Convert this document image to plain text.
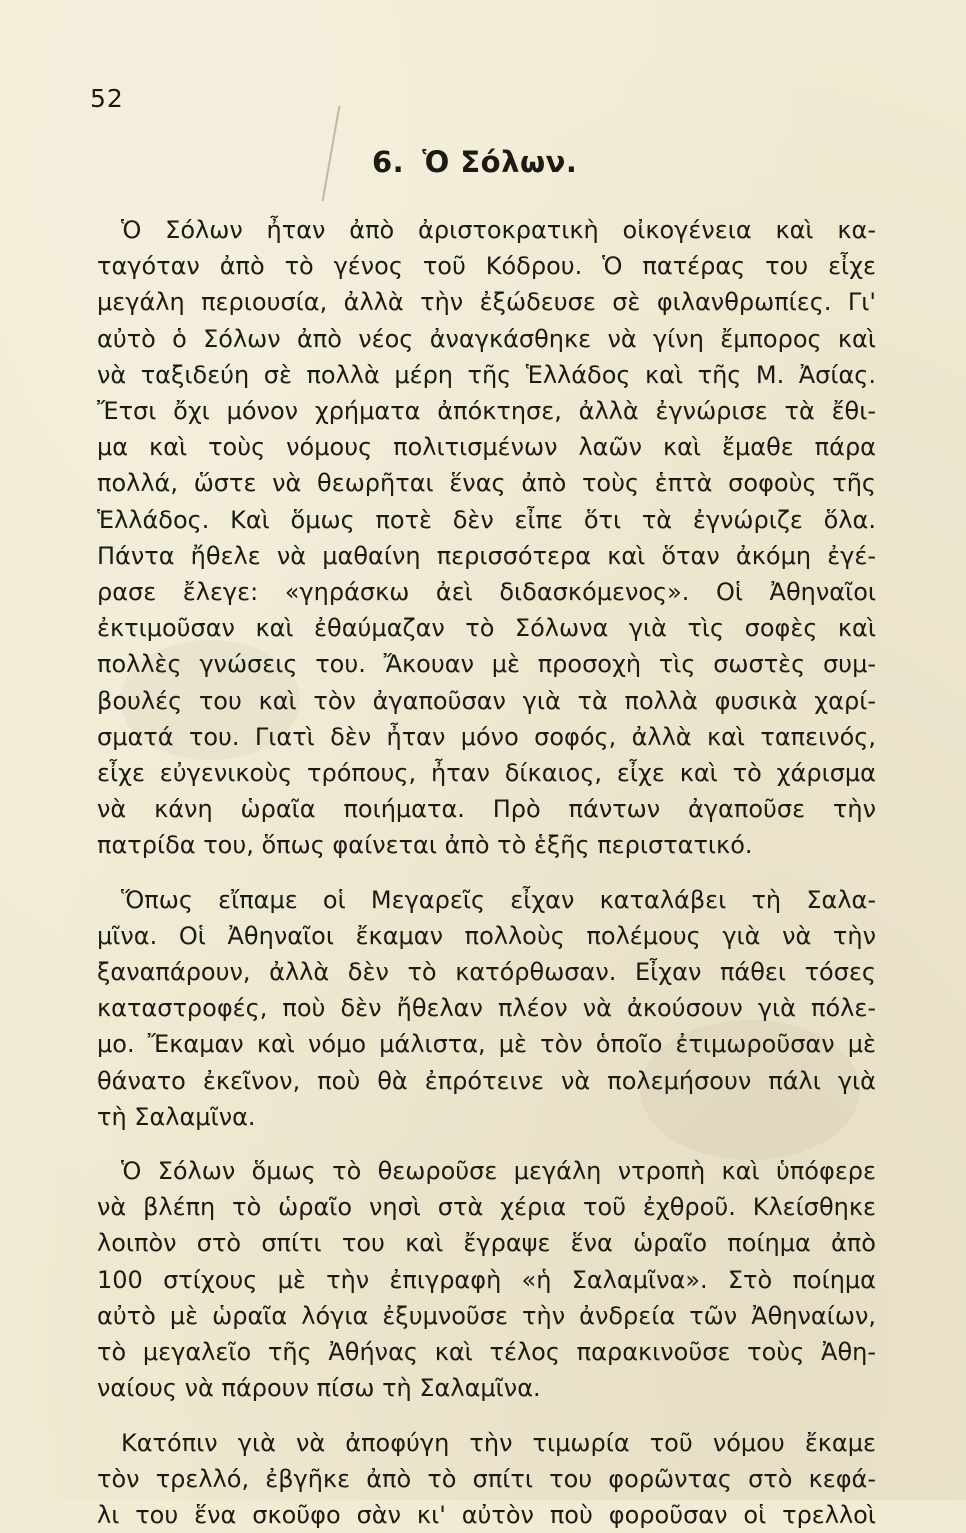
52
6. Ὁ Σόλων.

Ὁ Σόλων ἦταν ἀπὸ ἀριστοκρατικὴ οἰκογένεια καὶ κα-
ταγόταν ἀπὸ τὸ γένος τοῦ Κόδρου. Ὁ πατέρας του εἶχε
μεγάλη περιουσία, ἀλλὰ τὴν ἐξώδευσε σὲ φιλανθρωπίες. Γι'
αὐτὸ ὁ Σόλων ἀπὸ νέος ἀναγκάσθηκε νὰ γίνη ἔμπορος καὶ
νὰ ταξιδεύη σὲ πολλὰ μέρη τῆς Ἑλλάδος καὶ τῆς Μ. Ἀσίας.
Ἔτσι ὄχι μόνον χρήματα ἀπόκτησε, ἀλλὰ ἐγνώρισε τὰ ἔθι-
μα καὶ τοὺς νόμους πολιτισμένων λαῶν καὶ ἔμαθε πάρα
πολλά, ὥστε νὰ θεωρῆται ἕνας ἀπὸ τοὺς ἑπτὰ σοφοὺς τῆς
Ἑλλάδος. Καὶ ὅμως ποτὲ δὲν εἶπε ὅτι τὰ ἐγνώριζε ὅλα.
Πάντα ἤθελε νὰ μαθαίνη περισσότερα καὶ ὅταν ἀκόμη ἐγέ-
ρασε ἔλεγε: «γηράσκω ἀεὶ διδασκόμενος». Οἱ Ἀθηναῖοι
ἐκτιμοῦσαν καὶ ἐθαύμαζαν τὸ Σόλωνα γιὰ τὶς σοφὲς καὶ
πολλὲς γνώσεις του. Ἄκουαν μὲ προσοχὴ τὶς σωστὲς συμ-
βουλές του καὶ τὸν ἀγαποῦσαν γιὰ τὰ πολλὰ φυσικὰ χαρί-
σματά του. Γιατὶ δὲν ἦταν μόνο σοφός, ἀλλὰ καὶ ταπεινός,
εἶχε εὐγενικοὺς τρόπους, ἦταν δίκαιος, εἶχε καὶ τὸ χάρισμα
νὰ κάνη ὡραῖα ποιήματα. Πρὸ πάντων ἀγαποῦσε τὴν
πατρίδα του, ὅπως φαίνεται ἀπὸ τὸ ἑξῆς περιστατικό.

Ὅπως εἴπαμε οἱ Μεγαρεῖς εἶχαν καταλάβει τὴ Σαλα-
μῖνα. Οἱ Ἀθηναῖοι ἔκαμαν πολλοὺς πολέμους γιὰ νὰ τὴν
ξαναπάρουν, ἀλλὰ δὲν τὸ κατόρθωσαν. Εἶχαν πάθει τόσες
καταστροφές, ποὺ δὲν ἤθελαν πλέον νὰ ἀκούσουν γιὰ πόλε-
μο. Ἔκαμαν καὶ νόμο μάλιστα, μὲ τὸν ὁποῖο ἐτιμωροῦσαν μὲ
θάνατο ἐκεῖνον, ποὺ θὰ ἐπρότεινε νὰ πολεμήσουν πάλι γιὰ
τὴ Σαλαμῖνα.

Ὁ Σόλων ὅμως τὸ θεωροῦσε μεγάλη ντροπὴ καὶ ὑπόφερε
νὰ βλέπη τὸ ὡραῖο νησὶ στὰ χέρια τοῦ ἐχθροῦ. Κλείσθηκε
λοιπὸν στὸ σπίτι του καὶ ἔγραψε ἕνα ὡραῖο ποίημα ἀπὸ
100 στίχους μὲ τὴν ἐπιγραφὴ «ἡ Σαλαμῖνα». Στὸ ποίημα
αὐτὸ μὲ ὡραῖα λόγια ἐξυμνοῦσε τὴν ἀνδρεία τῶν Ἀθηναίων,
τὸ μεγαλεῖο τῆς Ἀθήνας καὶ τέλος παρακινοῦσε τοὺς Ἀθη-
ναίους νὰ πάρουν πίσω τὴ Σαλαμῖνα.

Κατόπιν γιὰ νὰ ἀποφύγη τὴν τιμωρία τοῦ νόμου ἔκαμε
τὸν τρελλό, ἐβγῆκε ἀπὸ τὸ σπίτι του φορῶντας στὸ κεφά-
λι του ἕνα σκοῦφο σὰν κι' αὐτὸν ποὺ φοροῦσαν οἱ τρελλοὶ
